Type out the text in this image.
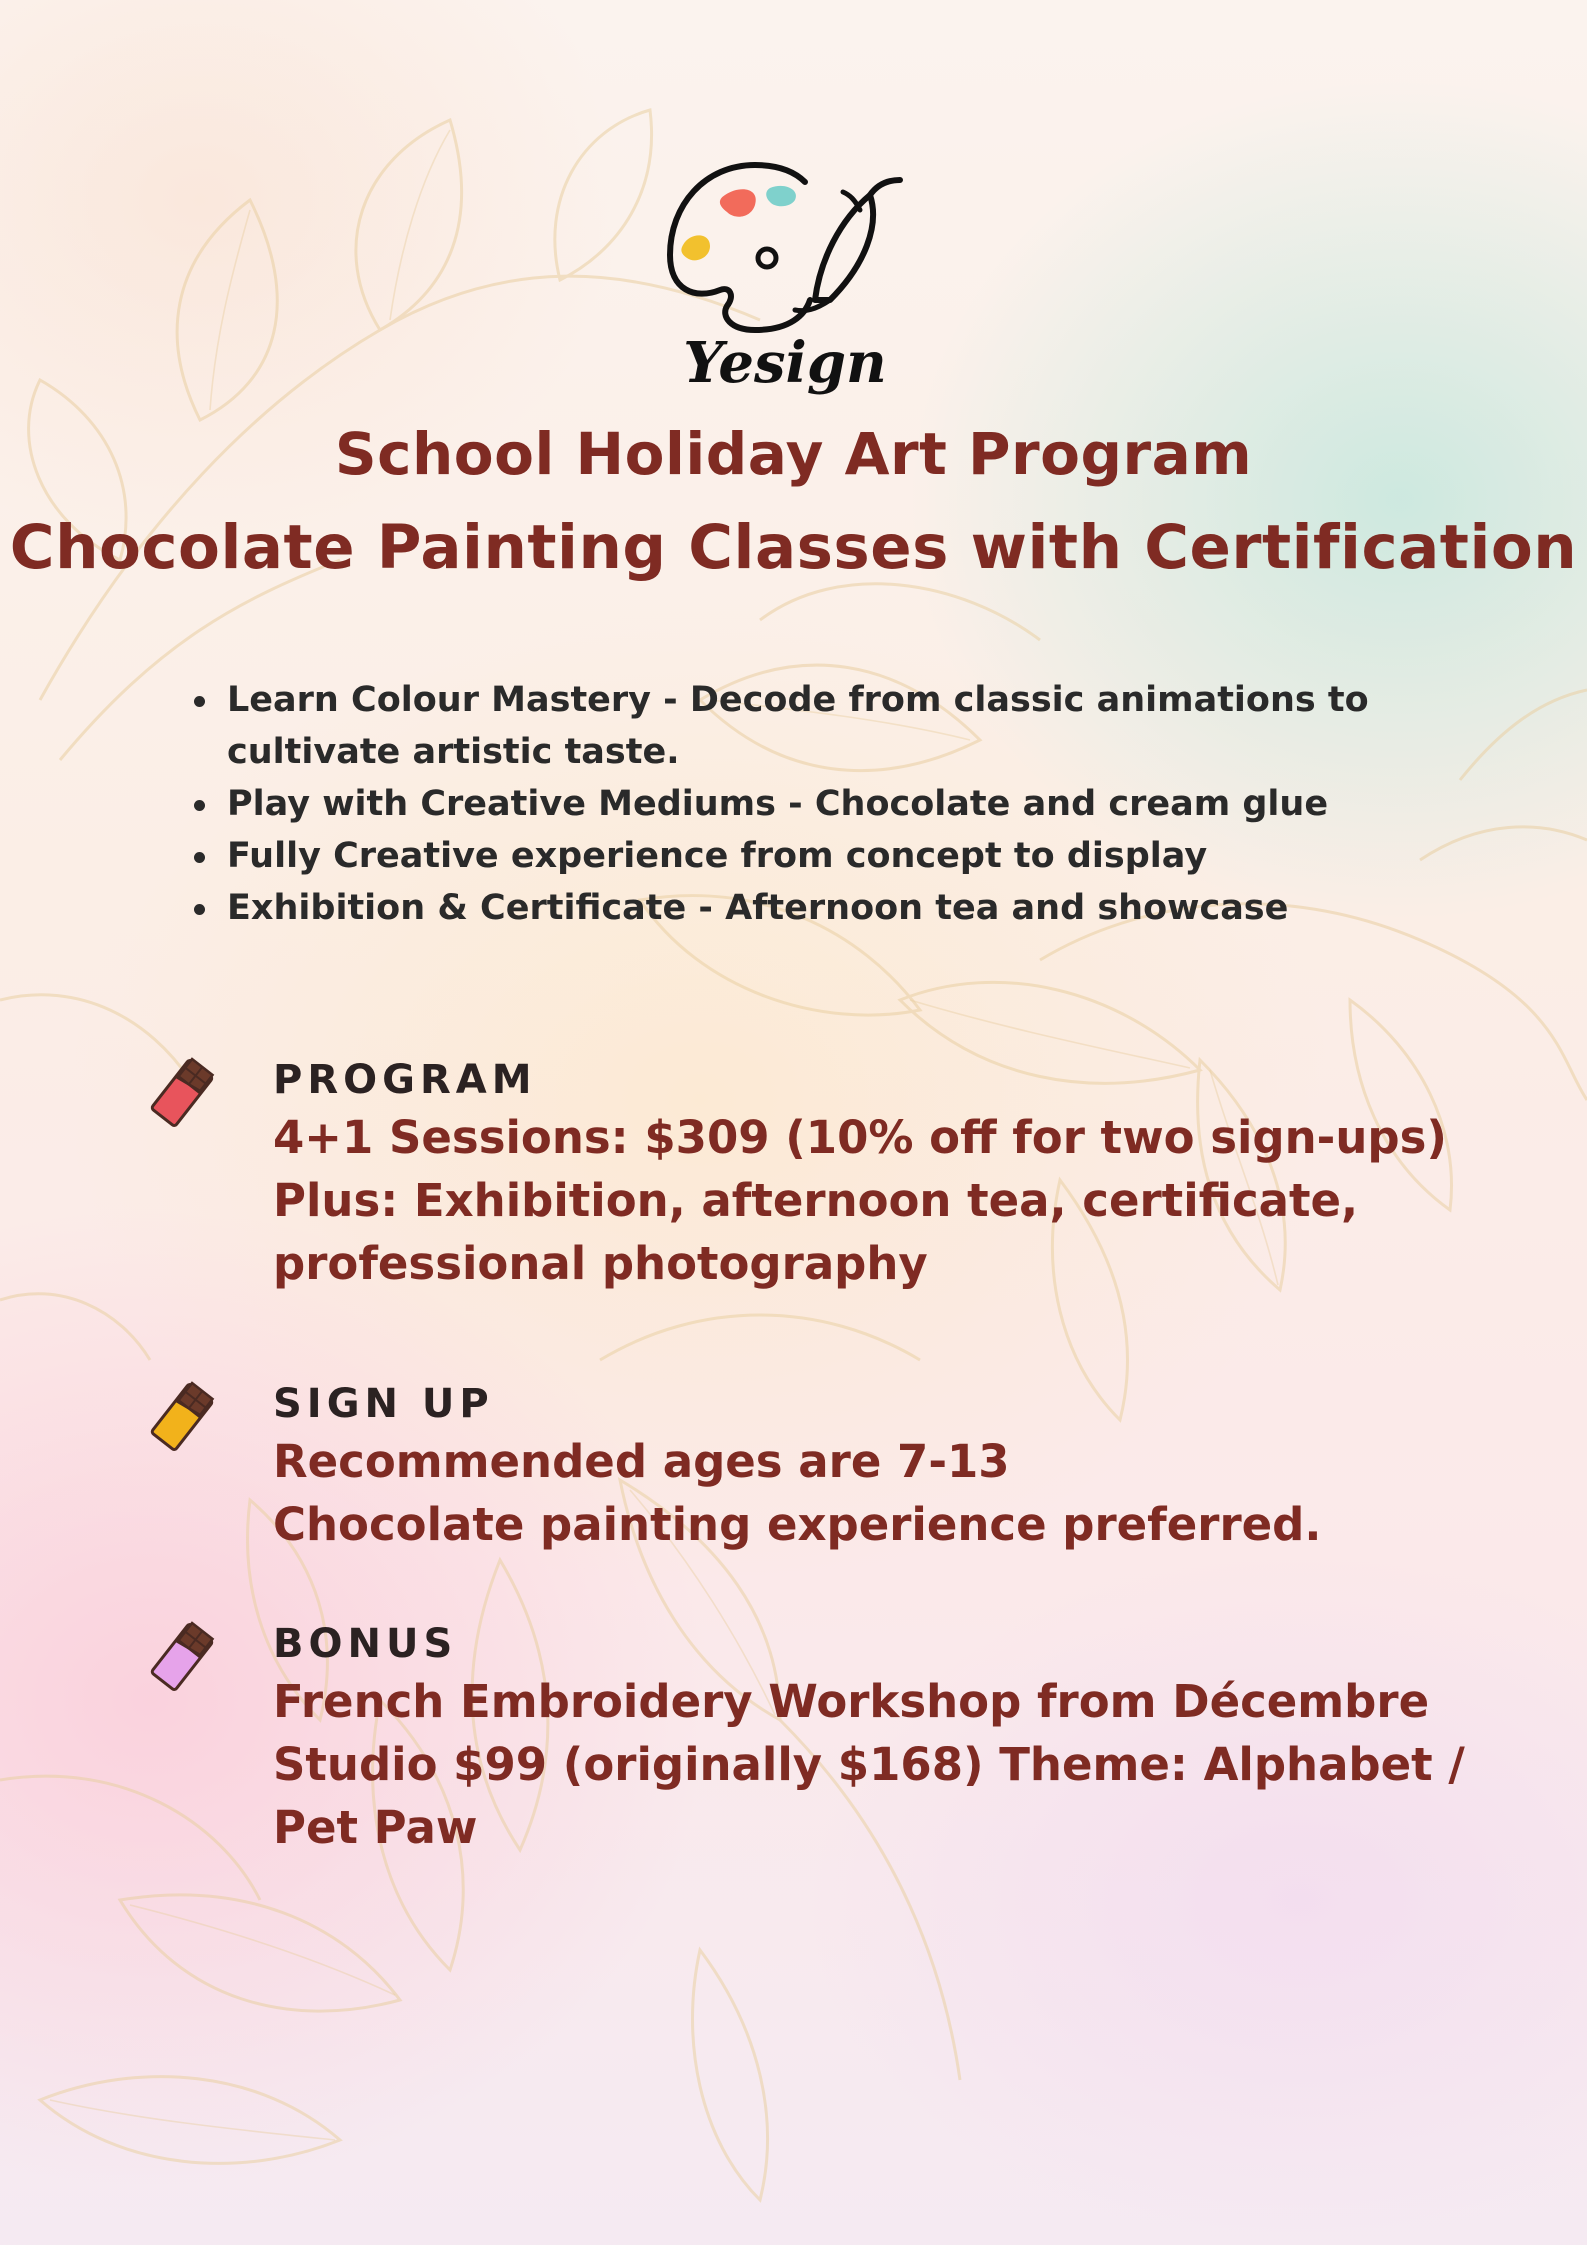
Yesign
School Holiday Art Program
Chocolate Painting Classes with Certification
Learn Colour Mastery - Decode from classic animations to
cultivate artistic taste.
Play with Creative Mediums - Chocolate and cream glue
Fully Creative experience from concept to display
Exhibition & Certificate - Afternoon tea and showcase
PROGRAM
4+1 Sessions: $309 (10% off for two sign-ups)
Plus: Exhibition, afternoon tea, certificate,
professional photography
SIGN UP
Recommended ages are 7-13
Chocolate painting experience preferred.
BONUS
French Embroidery Workshop from Décembre
Studio $99 (originally $168) Theme: Alphabet /
Pet Paw
